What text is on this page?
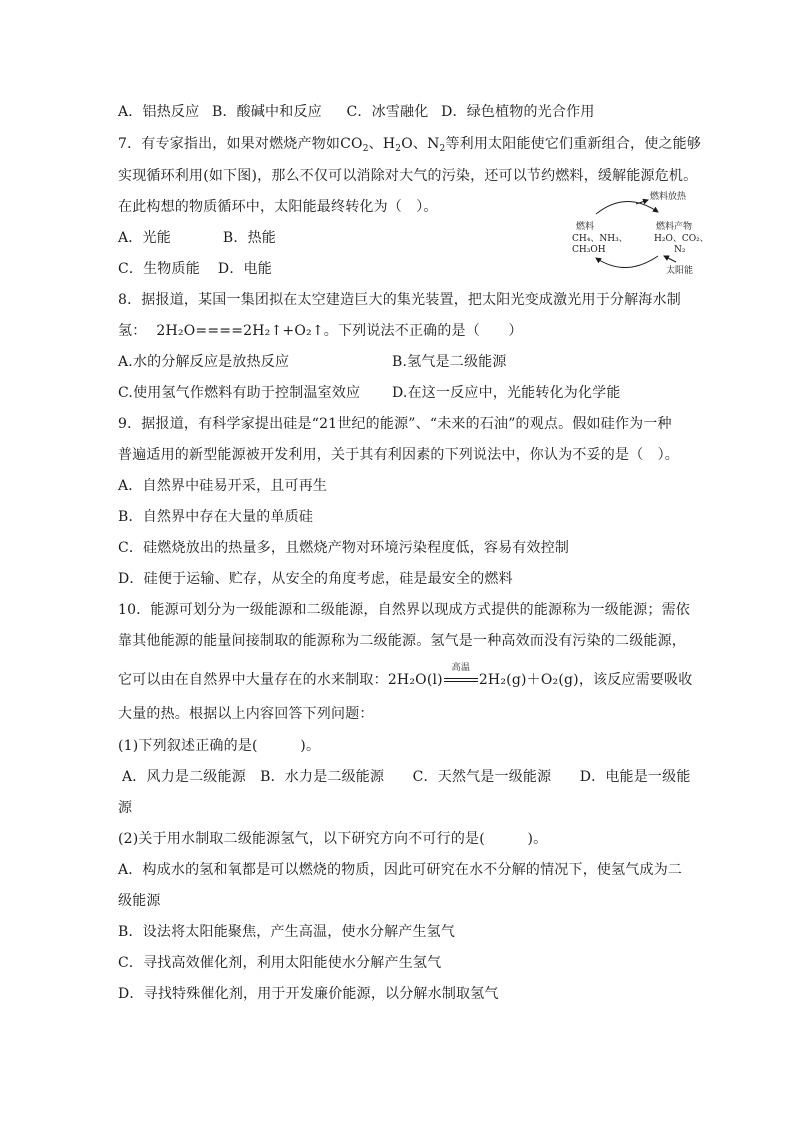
A．铝热反应 B．酸碱中和反应 C．冰雪融化 D．绿色植物的光合作用
7．有专家指出，如果对燃烧产物如$CO_2$、$H_2O$、$N_2$等利用太阳能使它们重新组合，使之能够
实现循环利用(如下图)，那么不仅可以消除对大气的污染，还可以节约燃料，缓解能源危机。
在此构想的物质循环中，太阳能最终转化为（　）。
A．光能	B．热能
C．生物质能 D．电能
燃料放热
燃料
CH₄、NH₃、
CH₃OH
燃料产物
H₂O、CO₂、
N₂
太阳能
8．据报道，某国一集团拟在太空建造巨大的集光装置，把太阳光变成激光用于分解海水制
氢： 2H₂O====2H₂↑+O₂↑。下列说法不正确的是（　　）
A.水的分解反应是放热反应	B.氢气是二级能源
C.使用氢气作燃料有助于控制温室效应 D.在这一反应中，光能转化为化学能
9．据报道，有科学家提出硅是“21世纪的能源”、“未来的石油”的观点。假如硅作为一种
普遍适用的新型能源被开发利用，关于其有利因素的下列说法中，你认为不妥的是（　）。
A．自然界中硅易开采，且可再生
B．自然界中存在大量的单质硅
C．硅燃烧放出的热量多，且燃烧产物对环境污染程度低，容易有效控制
D．硅便于运输、贮存，从安全的角度考虑，硅是最安全的燃料
10．能源可划分为一级能源和二级能源，自然界以现成方式提供的能源称为一级能源；需依
靠其他能源的能量间接制取的能源称为二级能源。氢气是一种高效而没有污染的二级能源，
它可以由在自然界中大量存在的水来制取：2H₂O(l)
高温
2H₂(g)＋O₂(g)，该反应需要吸收
大量的热。根据以上内容回答下列问题：
(1)下列叙述正确的是(　　　)。
A．风力是二级能源　B．水力是二级能源　　C．天然气是一级能源　　D．电能是一级能
源
(2)关于用水制取二级能源氢气，以下研究方向不可行的是(　　　)。
A．构成水的氢和氧都是可以燃烧的物质，因此可研究在水不分解的情况下，使氢气成为二
级能源
B．设法将太阳能聚焦，产生高温，使水分解产生氢气
C．寻找高效催化剂，利用太阳能使水分解产生氢气
D．寻找特殊催化剂，用于开发廉价能源，以分解水制取氢气
